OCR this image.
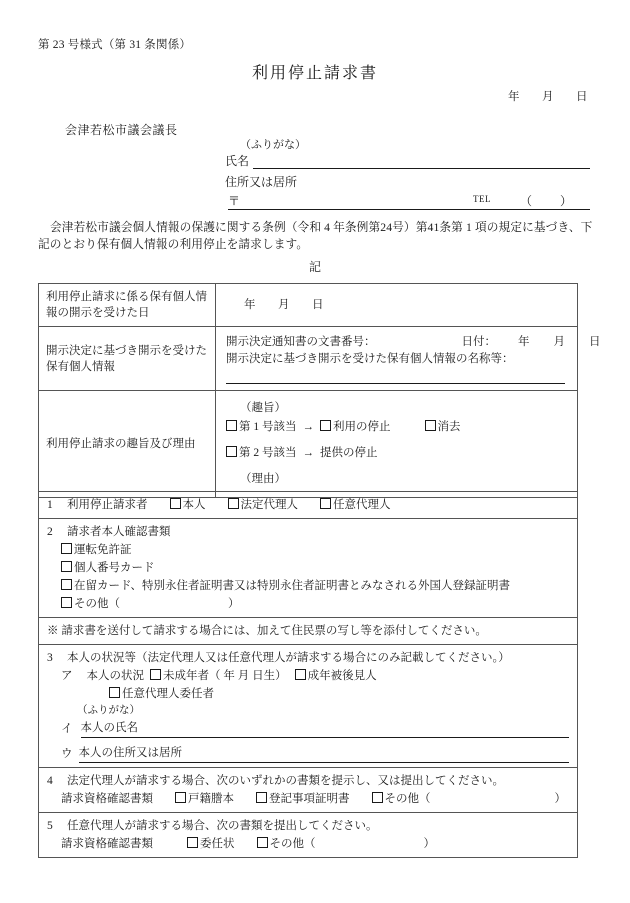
第 23 号様式（第 31 条関係）
利用停止請求書
年 月 日
会津若松市議会議長
（ふりがな）
氏名
住所又は居所
〒	TEL （　）
会津若松市議会個人情報の保護に関する条例（令和 4 年条例第24号）第41条第 1 項の規定に基づき、下記のとおり保有個人情報の利用停止を請求します。
記
利用停止請求に係る保有個人情報の開示を受けた日	年 月 日

開示決定に基づき開示を受けた保有個人情報	開示決定通知書の文書番号： 日付： 年 月 日
開示決定に基づき開示を受けた保有個人情報の名称等：

利用停止請求の趣旨及び理由	（趣旨）
第 1 号該当 → 利用の停止 消去
第 2 号該当 → 提供の停止
（理由）
1 利用停止請求者	本人	法定代理人	任意代理人

2 請求者本人確認書類
運転免許証
個人番号カード
在留カード、特別永住者証明書又は特別永住者証明書とみなされる外国人登録証明書
その他（	）

※ 請求書を送付して請求する場合には、加えて住民票の写し等を添付してください。

3 本人の状況等（法定代理人又は任意代理人が請求する場合にのみ記載してください。）
ア 本人の状況 未成年者（ 年 月 日生） 成年被後見人
任意代理人委任者
（ふりがな）
イ 本人の氏名
ウ 本人の住所又は居所

4 法定代理人が請求する場合、次のいずれかの書類を提示し、又は提出してください。
請求資格確認書類	戸籍謄本	登記事項証明書	その他（	）

5 任意代理人が請求する場合、次の書類を提出してください。
請求資格確認書類	委任状	その他（	）
